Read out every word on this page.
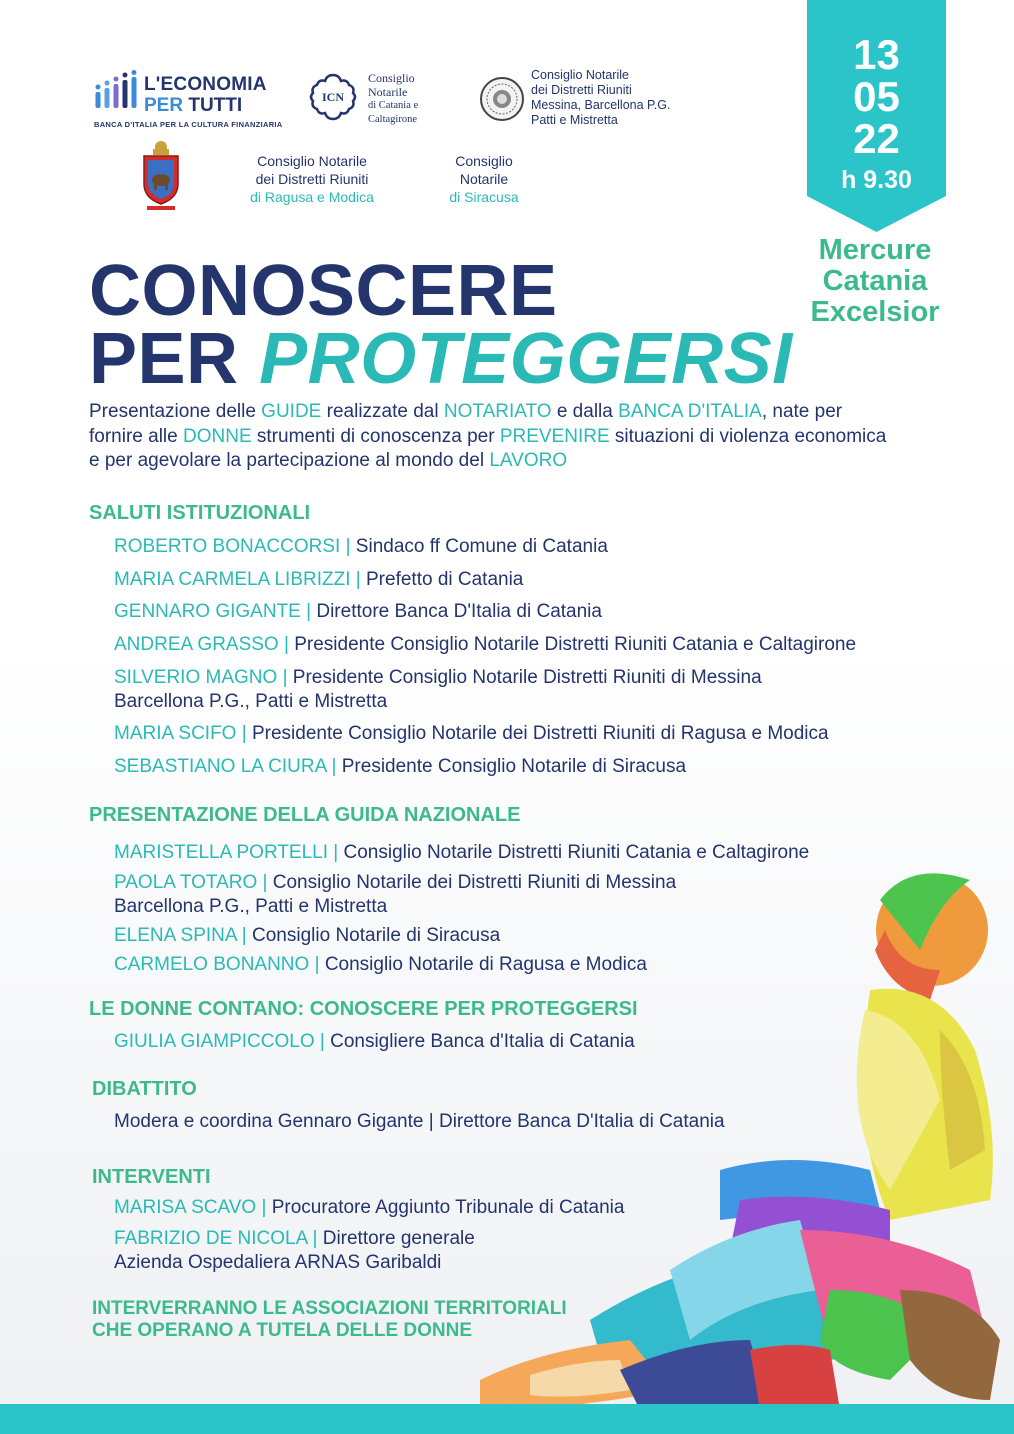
L'ECONOMIA
PER TUTTI
BANCA D'ITALIA PER LA CULTURA FINANZIARIA
ICN
Consiglio
Notarile
di Catania e
Caltagirone
Consiglio Notarile
dei Distretti Riuniti
Messina, Barcellona P.G.
Patti e Mistretta
Consiglio Notarile
dei Distretti Riuniti
di Ragusa e Modica
Consiglio
Notarile
di Siracusa
13
05
22
h 9.30
Mercure
Catania
Excelsior
CONOSCERE
PER PROTEGGERSI
Presentazione delle GUIDE realizzate dal NOTARIATO e dalla BANCA D'ITALIA, nate per fornire alle DONNE strumenti di conoscenza per PREVENIRE situazioni di violenza economica e per agevolare la partecipazione al mondo del LAVORO
SALUTI ISTITUZIONALI
ROBERTO BONACCORSI | Sindaco ff Comune di Catania
MARIA CARMELA LIBRIZZI | Prefetto di Catania
GENNARO GIGANTE | Direttore Banca D'Italia di Catania
ANDREA GRASSO | Presidente Consiglio Notarile Distretti Riuniti Catania e Caltagirone
SILVERIO MAGNO | Presidente Consiglio Notarile Distretti Riuniti di Messina
Barcellona P.G., Patti e Mistretta
MARIA SCIFO | Presidente Consiglio Notarile dei Distretti Riuniti di Ragusa e Modica
SEBASTIANO LA CIURA | Presidente Consiglio Notarile di Siracusa
PRESENTAZIONE DELLA GUIDA NAZIONALE
MARISTELLA PORTELLI | Consiglio Notarile Distretti Riuniti Catania e Caltagirone
PAOLA TOTARO | Consiglio Notarile dei Distretti Riuniti di Messina
Barcellona P.G., Patti e Mistretta
ELENA SPINA | Consiglio Notarile di Siracusa
CARMELO BONANNO | Consiglio Notarile di Ragusa e Modica
LE DONNE CONTANO: CONOSCERE PER PROTEGGERSI
GIULIA GIAMPICCOLO | Consigliere Banca d'Italia di Catania
DIBATTITO
Modera e coordina Gennaro Gigante | Direttore Banca D'Italia di Catania
INTERVENTI
MARISA SCAVO | Procuratore Aggiunto Tribunale di Catania
FABRIZIO DE NICOLA | Direttore generale
Azienda Ospedaliera ARNAS Garibaldi
INTERVERRANNO LE ASSOCIAZIONI TERRITORIALI
CHE OPERANO A TUTELA DELLE DONNE
